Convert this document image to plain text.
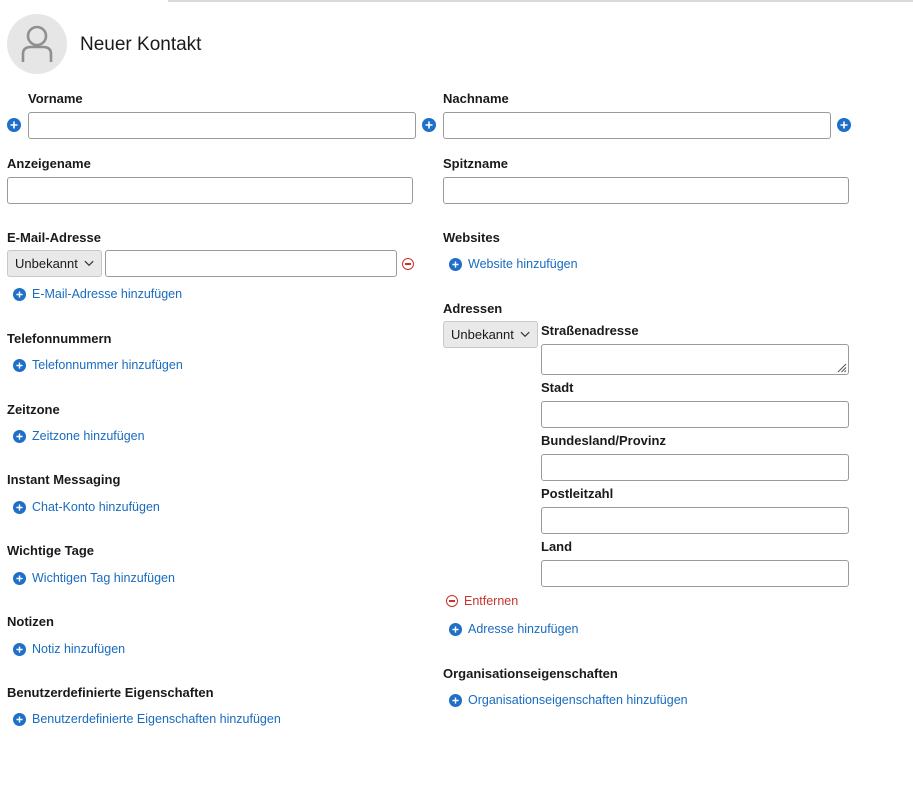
Neuer Kontakt
Vorname	Nachname
Anzeigename	Spitzname
E-Mail-Adresse
Unbekannt
E-Mail-Adresse hinzufügen
Telefonnummern
Telefonnummer hinzufügen
Zeitzone
Zeitzone hinzufügen
Instant Messaging
Chat-Konto hinzufügen
Wichtige Tage
Wichtigen Tag hinzufügen
Notizen
Notiz hinzufügen
Benutzerdefinierte Eigenschaften
Benutzerdefinierte Eigenschaften hinzufügen
Websites
Website hinzufügen
Adressen
Unbekannt Straßenadresse
Stadt
Bundesland/Provinz
Postleitzahl
Land
Entfernen
Adresse hinzufügen
Organisationseigenschaften
Organisationseigenschaften hinzufügen
